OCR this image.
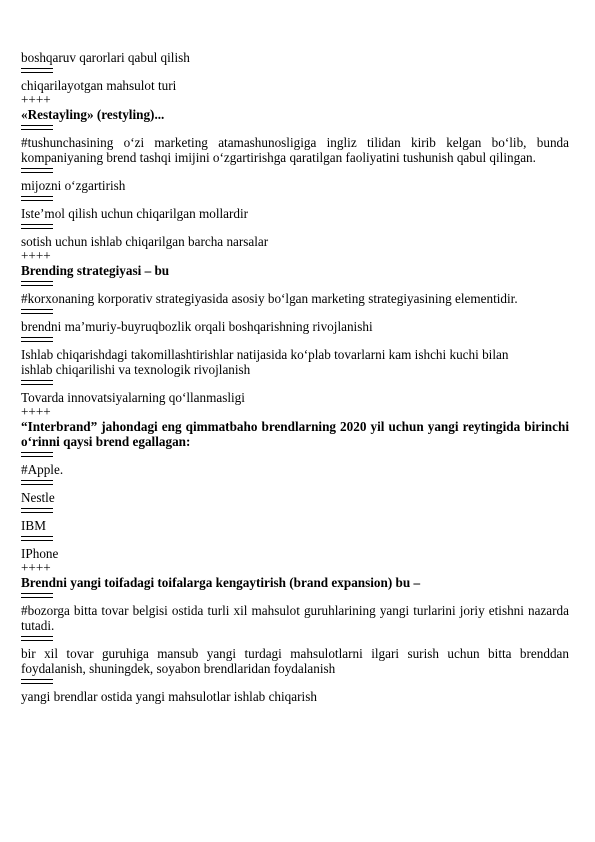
boshqaruv qarorlari qabul qilish
chiqarilayotgan mahsulot turi
++++
«Restayling» (restyling)...
#tushunchasining o‘zi marketing atamashunosligiga ingliz tilidan kirib kelgan bo‘lib, bunda kompaniyaning brend tashqi imijini o‘zgartirishga qaratilgan faoliyatini tushunish qabul qilingan.
mijozni o‘zgartirish
Iste’mol qilish uchun chiqarilgan mollardir
sotish uchun ishlab chiqarilgan barcha narsalar
++++
Brending strategiyasi – bu
#korxonaning korporativ strategiyasida asosiy bo‘lgan marketing strategiyasining elementidir.
brendni ma’muriy-buyruqbozlik orqali boshqarishning rivojlanishi
Ishlab chiqarishdagi takomillashtirishlar natijasida ko‘plab tovarlarni kam ishchi kuchi bilan
ishlab chiqarilishi va texnologik rivojlanish
Tovarda innovatsiyalarning qo‘llanmasligi
++++
“Interbrand” jahondagi eng qimmatbaho brendlarning 2020 yil uchun yangi reytingida birinchi o‘rinni qaysi brend egallagan:
#Apple.
Nestle
IBM
IPhone
++++
Brendni yangi toifadagi toifalarga kengaytirish (brand expansion) bu –
#bozorga bitta tovar belgisi ostida turli xil mahsulot guruhlarining yangi turlarini joriy etishni nazarda tutadi.
bir xil tovar guruhiga mansub yangi turdagi mahsulotlarni ilgari surish uchun bitta brenddan foydalanish, shuningdek, soyabon brendlaridan foydalanish
yangi brendlar ostida yangi mahsulotlar ishlab chiqarish
